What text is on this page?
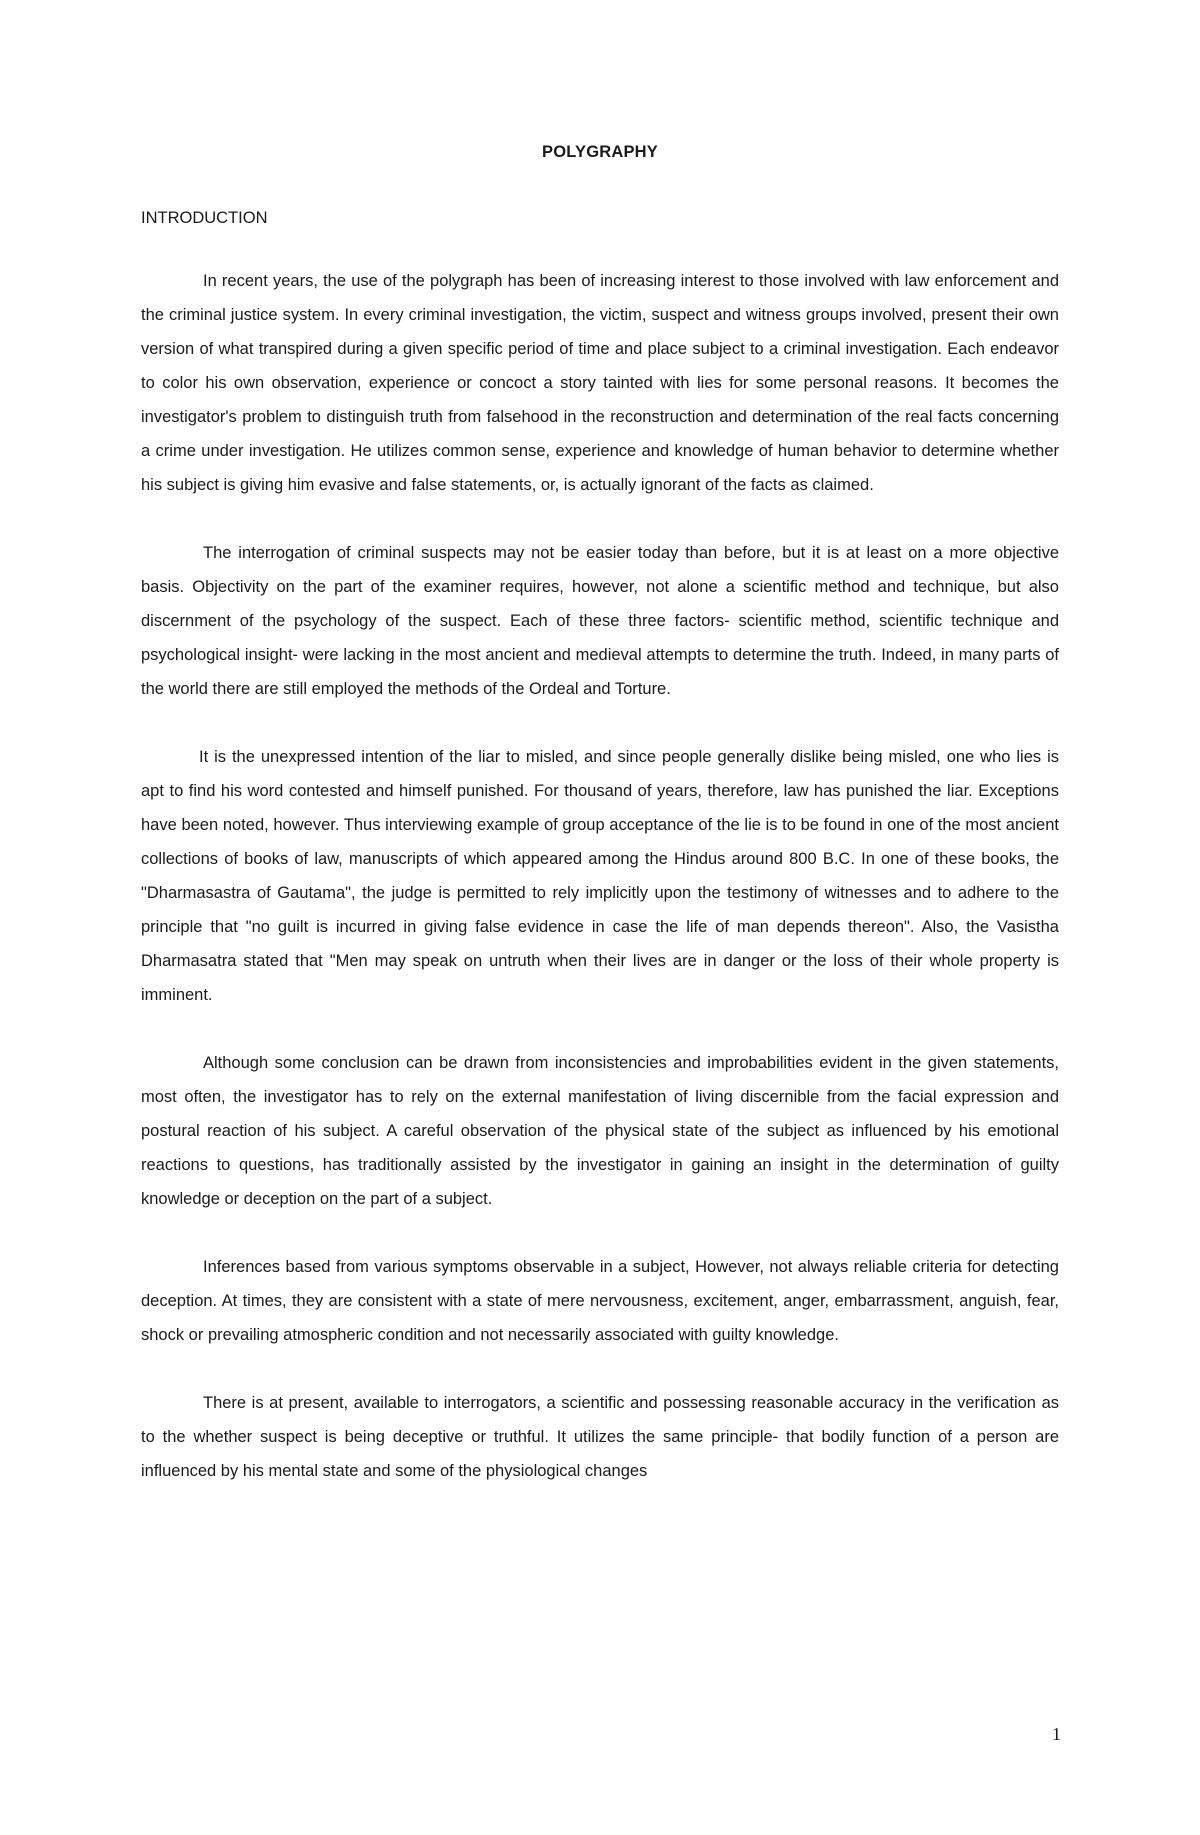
POLYGRAPHY
INTRODUCTION

In recent years, the use of the polygraph has been of increasing interest to those involved with law enforcement and the criminal justice system. In every criminal investigation, the victim, suspect and witness groups involved, present their own version of what transpired during a given specific period of time and place subject to a criminal investigation. Each endeavor to color his own observation, experience or concoct a story tainted with lies for some personal reasons. It becomes the investigator's problem to distinguish truth from falsehood in the reconstruction and determination of the real facts concerning a crime under investigation. He utilizes common sense, experience and knowledge of human behavior to determine whether his subject is giving him evasive and false statements, or, is actually ignorant of the facts as claimed.

The interrogation of criminal suspects may not be easier today than before, but it is at least on a more objective basis. Objectivity on the part of the examiner requires, however, not alone a scientific method and technique, but also discernment of the psychology of the suspect. Each of these three factors- scientific method, scientific technique and psychological insight- were lacking in the most ancient and medieval attempts to determine the truth. Indeed, in many parts of the world there are still employed the methods of the Ordeal and Torture.

It is the unexpressed intention of the liar to misled, and since people generally dislike being misled, one who lies is apt to find his word contested and himself punished. For thousand of years, therefore, law has punished the liar. Exceptions have been noted, however. Thus interviewing example of group acceptance of the lie is to be found in one of the most ancient collections of books of law, manuscripts of which appeared among the Hindus around 800 B.C. In one of these books, the "Dharmasastra of Gautama", the judge is permitted to rely implicitly upon the testimony of witnesses and to adhere to the principle that "no guilt is incurred in giving false evidence in case the life of man depends thereon". Also, the Vasistha Dharmasatra stated that "Men may speak on untruth when their lives are in danger or the loss of their whole property is imminent.

Although some conclusion can be drawn from inconsistencies and improbabilities evident in the given statements, most often, the investigator has to rely on the external manifestation of living discernible from the facial expression and postural reaction of his subject. A careful observation of the physical state of the subject as influenced by his emotional reactions to questions, has traditionally assisted by the investigator in gaining an insight in the determination of guilty knowledge or deception on the part of a subject.

Inferences based from various symptoms observable in a subject, However, not always reliable criteria for detecting deception. At times, they are consistent with a state of mere nervousness, excitement, anger, embarrassment, anguish, fear, shock or prevailing atmospheric condition and not necessarily associated with guilty knowledge.

There is at present, available to interrogators, a scientific and possessing reasonable accuracy in the verification as to the whether suspect is being deceptive or truthful. It utilizes the same principle- that bodily function of a person are influenced by his mental state and some of the physiological changes

1
